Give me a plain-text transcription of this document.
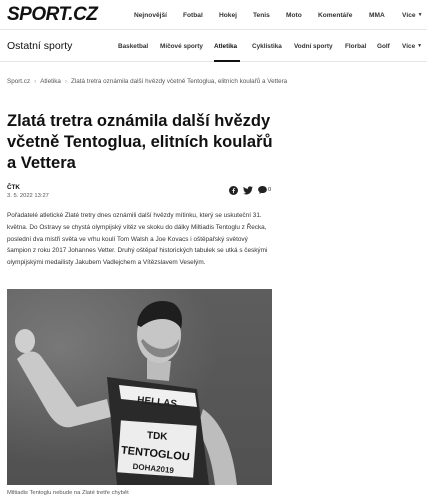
SPORT.CZ	Nejnovější Fotbal Hokej Tenis Moto Komentáře	MMA	Více ▼
Ostatní sporty	Basketbal Míčové sporty Atletika Cyklistika Vodní sporty Florbal Golf Více ▼
Sport.cz › Atletika › Zlatá tretra oznámila další hvězdy včetně Tentoglua, elitních koulařů a Vettera
Zlatá tretra oznámila další hvězdy včetně Tentoglua, elitních koulařů a Vettera
ČTK
3. 5. 2022 13:27
0

Pořadatelé atletické Zlaté tretry dnes oznámili další hvězdy mítinku, který se uskuteční 31. května. Do Ostravy se chystá olympijský vítěz ve skoku do dálky Miltiadis Tentoglu z Řecka, poslední dva mistři světa ve vrhu koulí Tom Walsh a Joe Kovacs i oštěpařský světový šampion z roku 2017 Johannes Vetter. Druhý oštěpař historických tabulek se utká s českými olympijskými medailisty Jakubem Vadlejchem a Vítězslavem Veselým.

HELLAS
TDK
TENTOGLOU
DOHA2019
Miltiadis Tentoglu nebude na Zlaté tretře chybět
